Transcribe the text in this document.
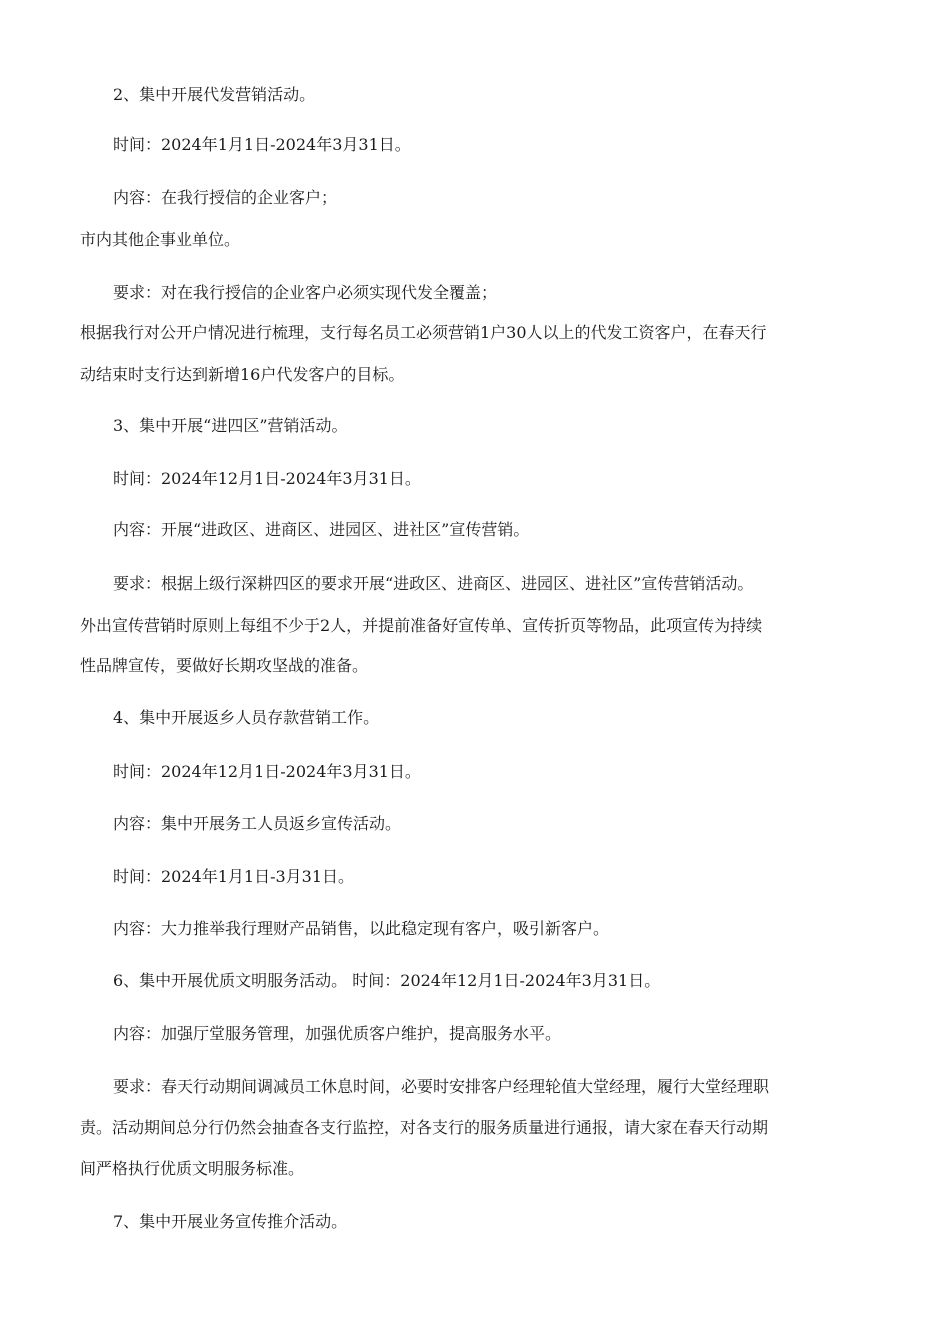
2、集中开展代发营销活动。
时间：2024年1月1日-2024年3月31日。
内容：在我行授信的企业客户；
市内其他企事业单位。
要求：对在我行授信的企业客户必须实现代发全覆盖；
根据我行对公开户情况进行梳理，支行每名员工必须营销1户30人以上的代发工资客户，在春天行
动结束时支行达到新增16户代发客户的目标。
3、集中开展“进四区”营销活动。
时间：2024年12月1日-2024年3月31日。
内容：开展“进政区、进商区、进园区、进社区”宣传营销。
要求：根据上级行深耕四区的要求开展“进政区、进商区、进园区、进社区”宣传营销活动。
外出宣传营销时原则上每组不少于2人，并提前准备好宣传单、宣传折页等物品，此项宣传为持续
性品牌宣传，要做好长期攻坚战的准备。
4、集中开展返乡人员存款营销工作。
时间：2024年12月1日-2024年3月31日。
内容：集中开展务工人员返乡宣传活动。
时间：2024年1月1日-3月31日。
内容：大力推举我行理财产品销售，以此稳定现有客户，吸引新客户。
6、集中开展优质文明服务活动。 时间：2024年12月1日-2024年3月31日。
内容：加强厅堂服务管理，加强优质客户维护，提高服务水平。
要求：春天行动期间调减员工休息时间，必要时安排客户经理轮值大堂经理，履行大堂经理职
责。活动期间总分行仍然会抽查各支行监控，对各支行的服务质量进行通报，请大家在春天行动期
间严格执行优质文明服务标准。
7、集中开展业务宣传推介活动。
